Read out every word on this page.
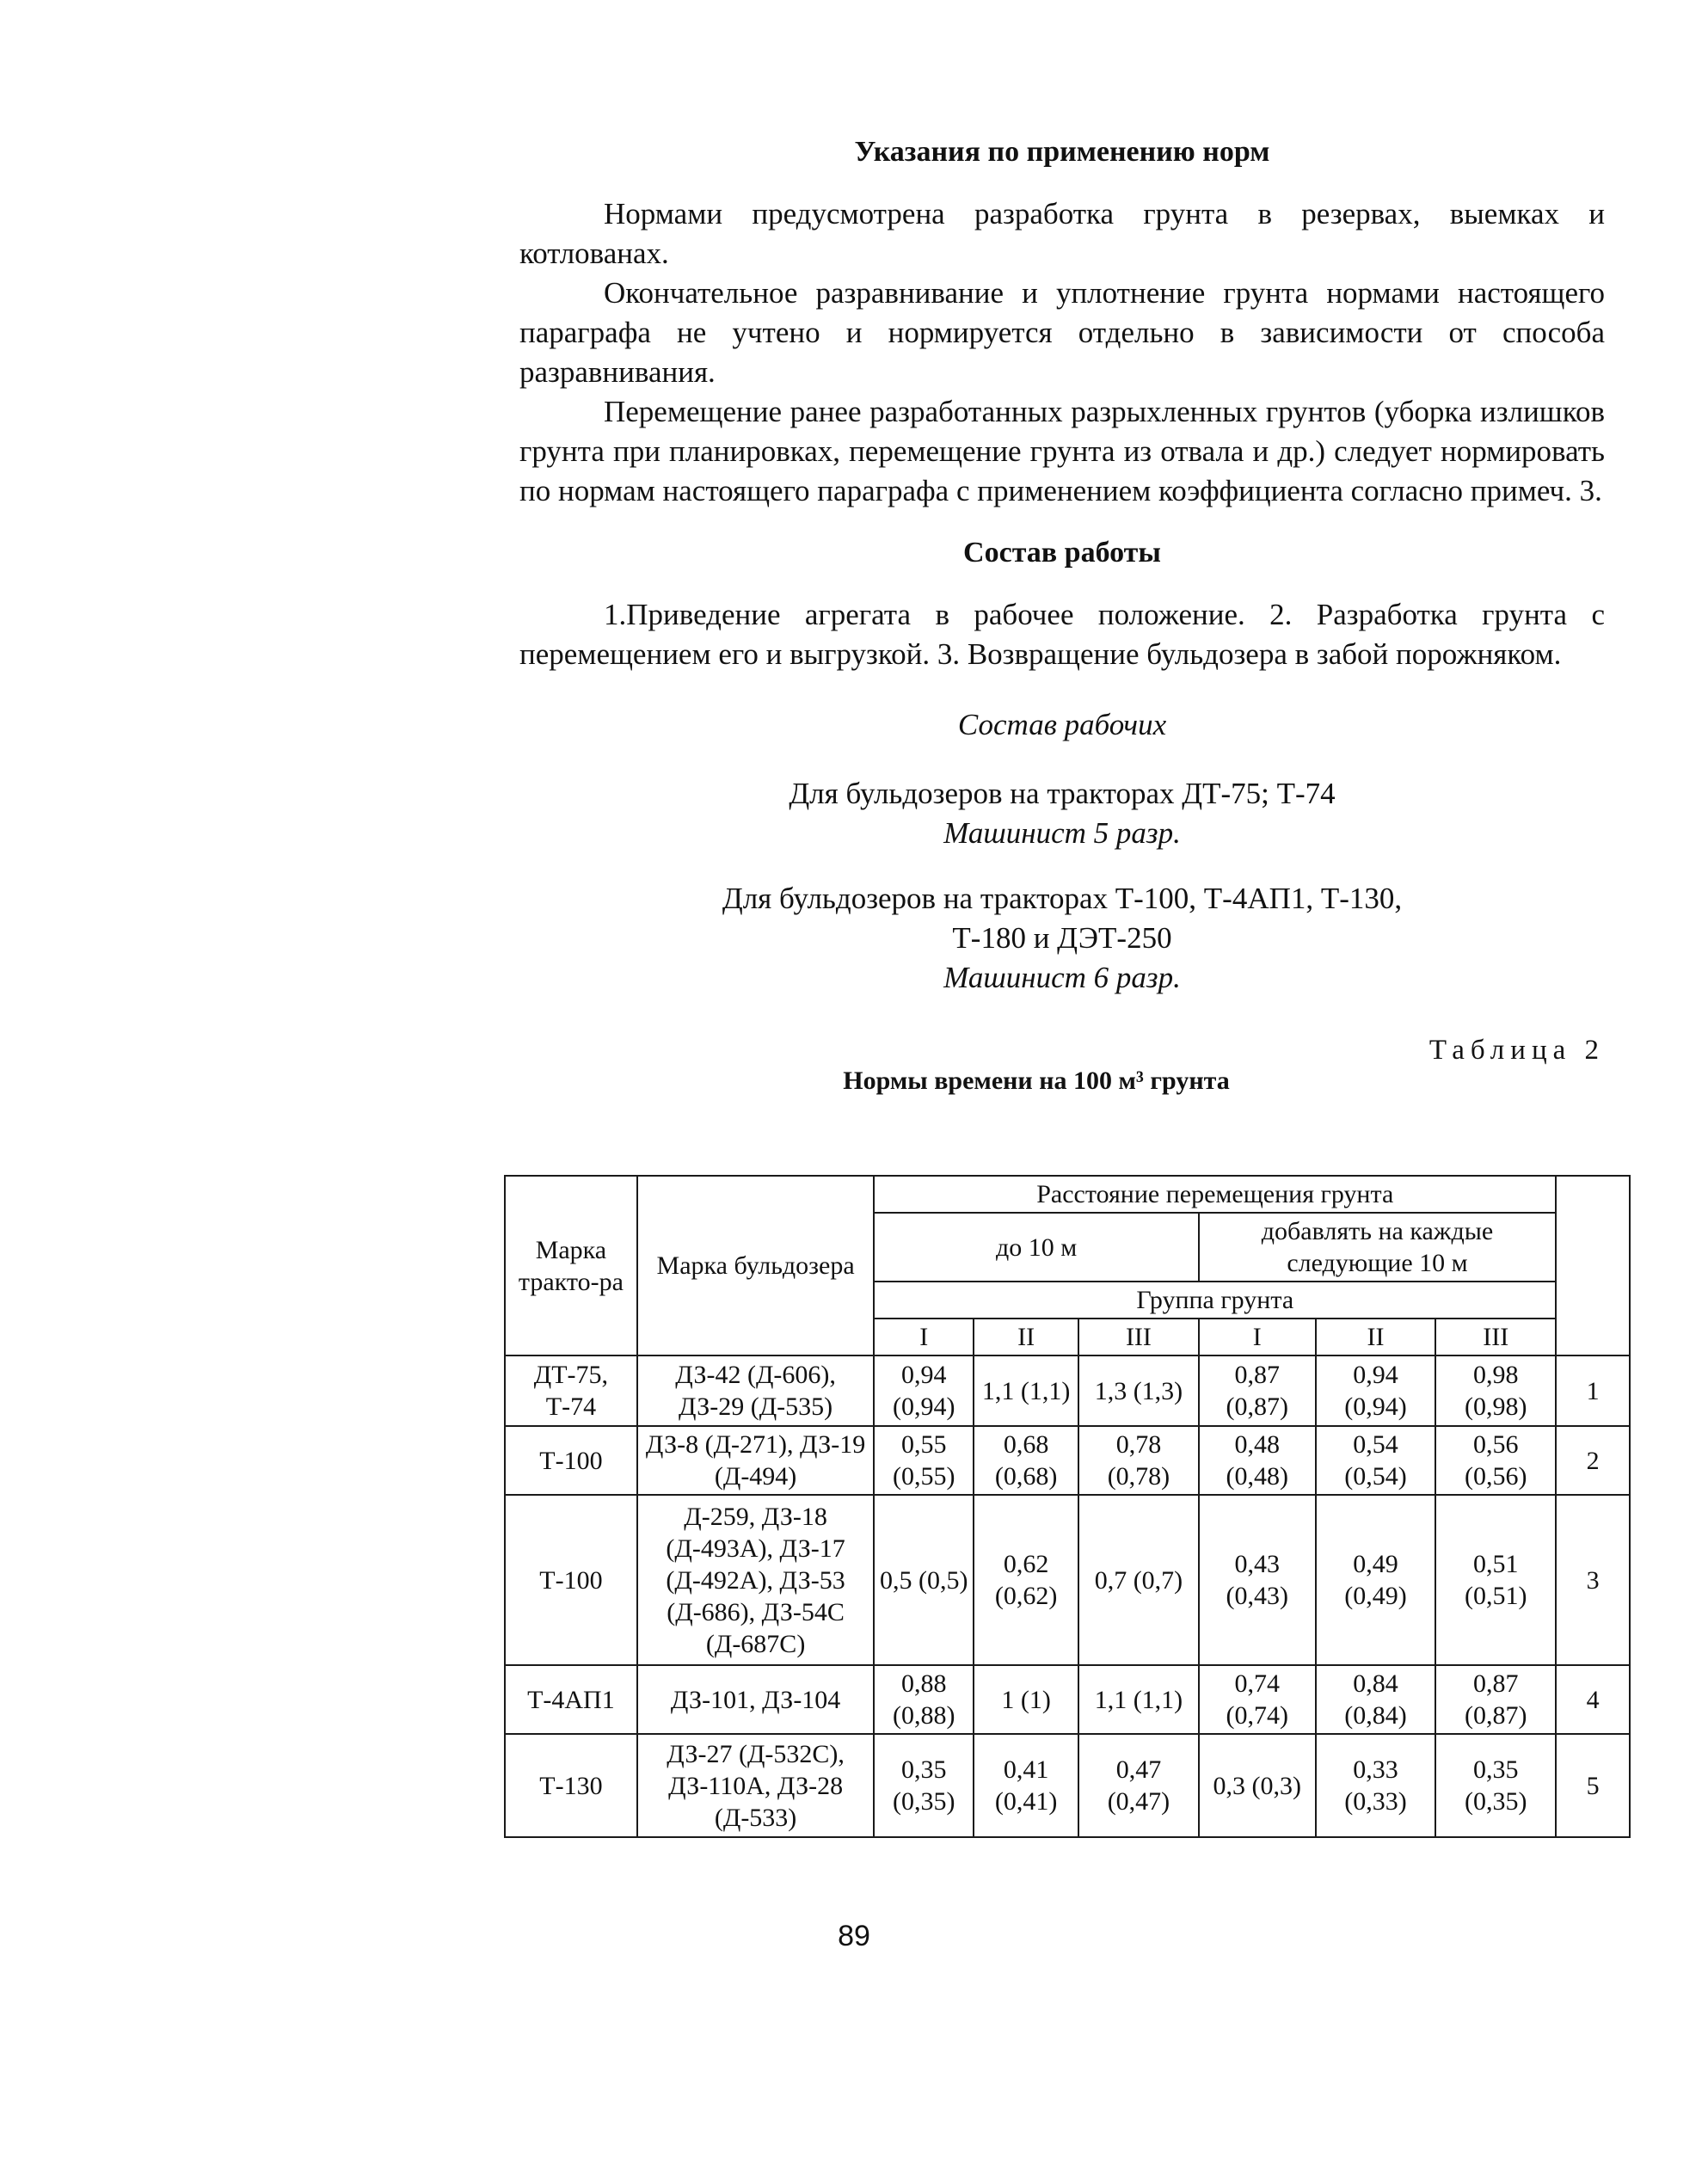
Указания по применению норм

Нормами предусмотрена разработка грунта в резервах, выемках и котлованах.

Окончательное разравнивание и уплотнение грунта нормами настоящего параграфа не учтено и нормируется отдельно в зависимости от способа разравнивания.

Перемещение ранее разработанных разрыхленных грунтов (уборка излишков грунта при планировках, перемещение грунта из отвала и др.) следует нормировать по нормам настоящего параграфа с применением коэффициента согласно примеч. 3.

Состав работы

1.Приведение агрегата в рабочее положение. 2. Разработка грунта с перемещением его и выгрузкой. 3. Возвращение бульдозера в забой порожняком.

Состав рабочих

Для бульдозеров на тракторах ДТ-75; Т-74

Машинист 5 разр.

Для бульдозеров на тракторах Т-100, Т-4АП1, Т-130,

Т-180 и ДЭТ-250

Машинист 6 разр.

Таблица 2

Нормы времени на 100 м³ грунта

Марка тракто-ра	Марка бульдозера	Расстояние перемещения грунта						
		до 10 м			добавлять на каждые следующие 10 м			
		Группа грунта						
		I	II	III	I	II	III	
ДТ-75, Т-74	ДЗ-42 (Д-606), ДЗ-29 (Д-535)	0,94 (0,94)	1,1 (1,1)	1,3 (1,3)	0,87 (0,87)	0,94 (0,94)	0,98 (0,98)	1
Т-100	ДЗ-8 (Д-271), ДЗ-19 (Д-494)	0,55 (0,55)	0,68 (0,68)	0,78 (0,78)	0,48 (0,48)	0,54 (0,54)	0,56 (0,56)	2
Т-100	Д-259, ДЗ-18 (Д-493А), ДЗ-17 (Д-492А), ДЗ-53 (Д-686), ДЗ-54С (Д-687С)	0,5 (0,5)	0,62 (0,62)	0,7 (0,7)	0,43 (0,43)	0,49 (0,49)	0,51 (0,51)	3
Т-4АП1	ДЗ-101, ДЗ-104	0,88 (0,88)	1 (1)	1,1 (1,1)	0,74 (0,74)	0,84 (0,84)	0,87 (0,87)	4
Т-130	ДЗ-27 (Д-532С), ДЗ-110А, ДЗ-28 (Д-533)	0,35 (0,35)	0,41 (0,41)	0,47 (0,47)	0,3 (0,3)	0,33 (0,33)	0,35 (0,35)	5
89
